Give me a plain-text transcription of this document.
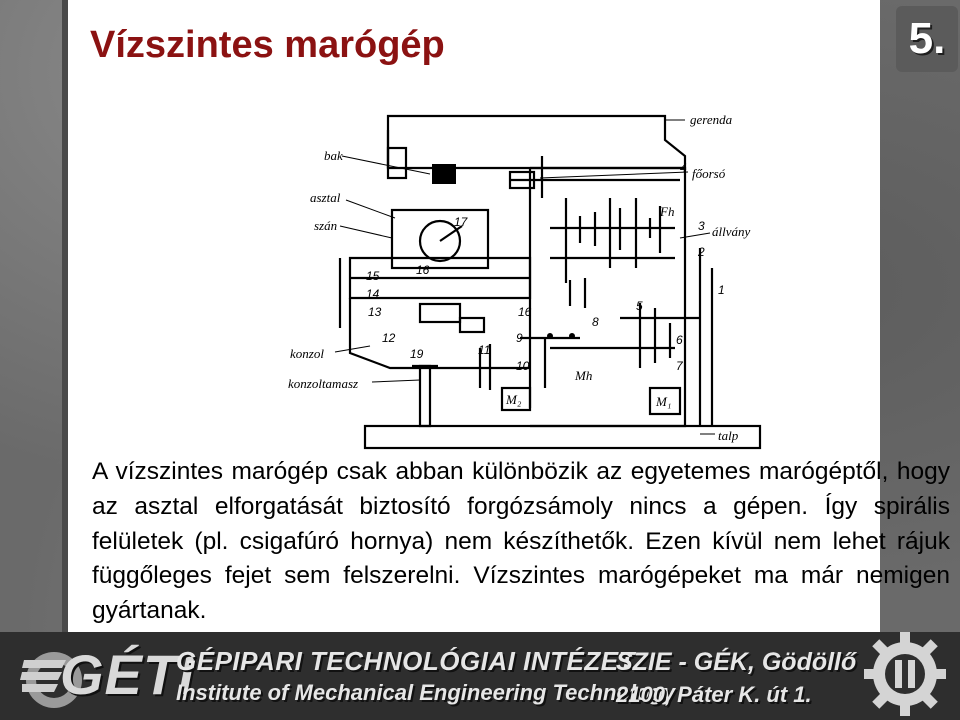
Vízszintes marógép	5.
bak
gerenda
főorsó
asztal
szán	állvány
konzol
konzoltamasz
talp
Fh
Mh
M₁
M₂
1
2
3
4
5
6
7
8
9
10
11
12
13
14
15	16
16
17
19

A vízszintes marógép csak abban különbözik az egyetemes marógéptől, hogy az asztal elforgatását biztosító forgózsámoly nincs a gépen. Így spirális felületek (pl. csigafúró hornya) nem készíthetők. Ezen kívül nem lehet rájuk függőleges fejet sem felszerelni. Vízszintes marógépeket ma már nemigen gyártanak.

GÉTI
GÉPIPARI TECHNOLÓGIAI INTÉZET
Institute of Mechanical Engineering Technology
SZIE - GÉK, Gödöllő
2100, Páter K. út 1.
